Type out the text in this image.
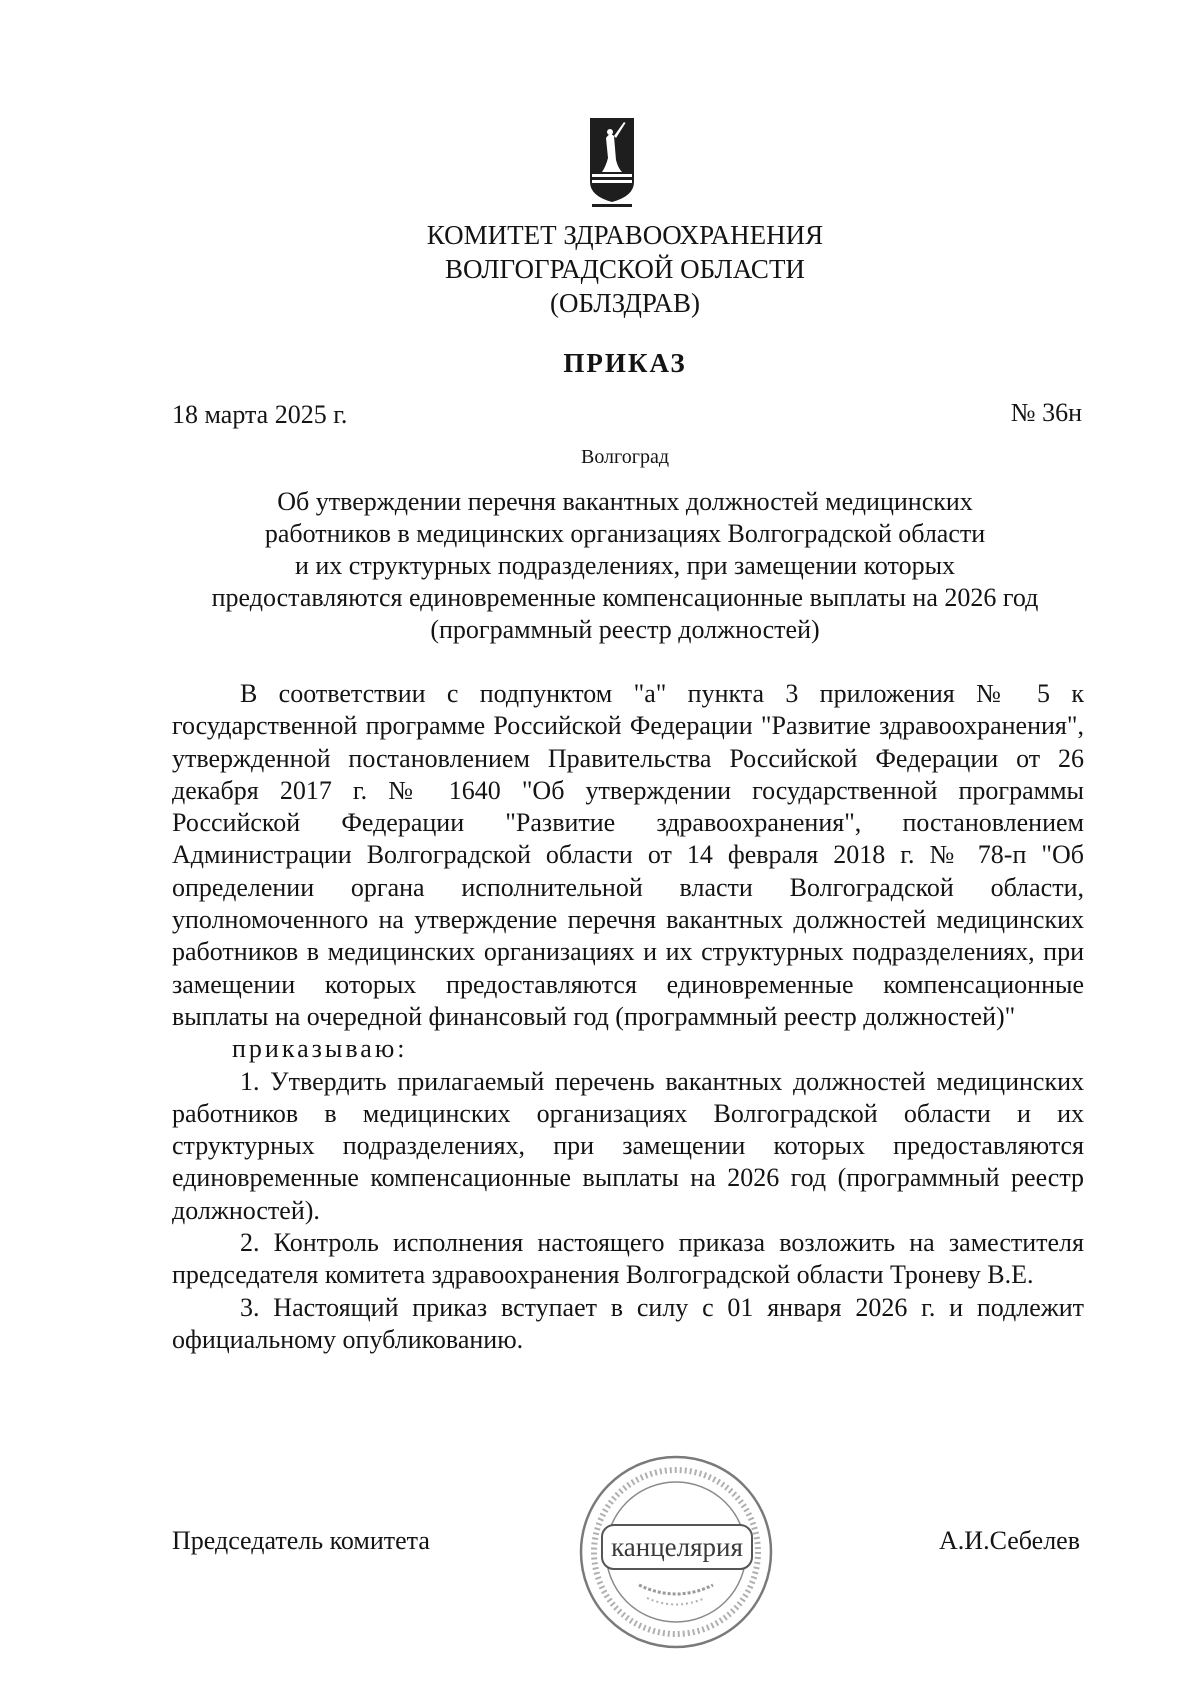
КОМИТЕТ ЗДРАВООХРАНЕНИЯ
ВОЛГОГРАДСКОЙ ОБЛАСТИ
(ОБЛЗДРАВ)
ПРИКАЗ
18 марта 2025 г.	№ 36н
Волгоград
Об утверждении перечня вакантных должностей медицинских
работников в медицинских организациях Волгоградской области
и их структурных подразделениях, при замещении которых
предоставляются единовременные компенсационные выплаты на 2026 год
(программный реестр должностей)

В соответствии с подпунктом "а" пункта 3 приложения № 5 к государственной программе Российской Федерации "Развитие здравоохранения", утвержденной постановлением Правительства Российской Федерации от 26 декабря 2017 г. № 1640 "Об утверждении государственной программы Российской Федерации "Развитие здравоохранения", постановлением Администрации Волгоградской области от 14 февраля 2018 г. № 78-п "Об определении органа исполнительной власти Волгоградской области, уполномоченного на утверждение перечня вакантных должностей медицинских работников в медицинских организациях и их структурных подразделениях, при замещении которых предоставляются единовременные компенсационные выплаты на очередной финансовый год (программный реестр должностей)"

приказываю:

1. Утвердить прилагаемый перечень вакантных должностей медицинских работников в медицинских организациях Волгоградской области и их структурных подразделениях, при замещении которых предоставляются единовременные компенсационные выплаты на 2026 год (программный реестр должностей).

2. Контроль исполнения настоящего приказа возложить на заместителя председателя комитета здравоохранения Волгоградской области Троневу В.Е.

3. Настоящий приказ вступает в силу с 01 января 2026 г. и подлежит официальному опубликованию.

Председатель комитета	А.И.Себелев
канцелярия
